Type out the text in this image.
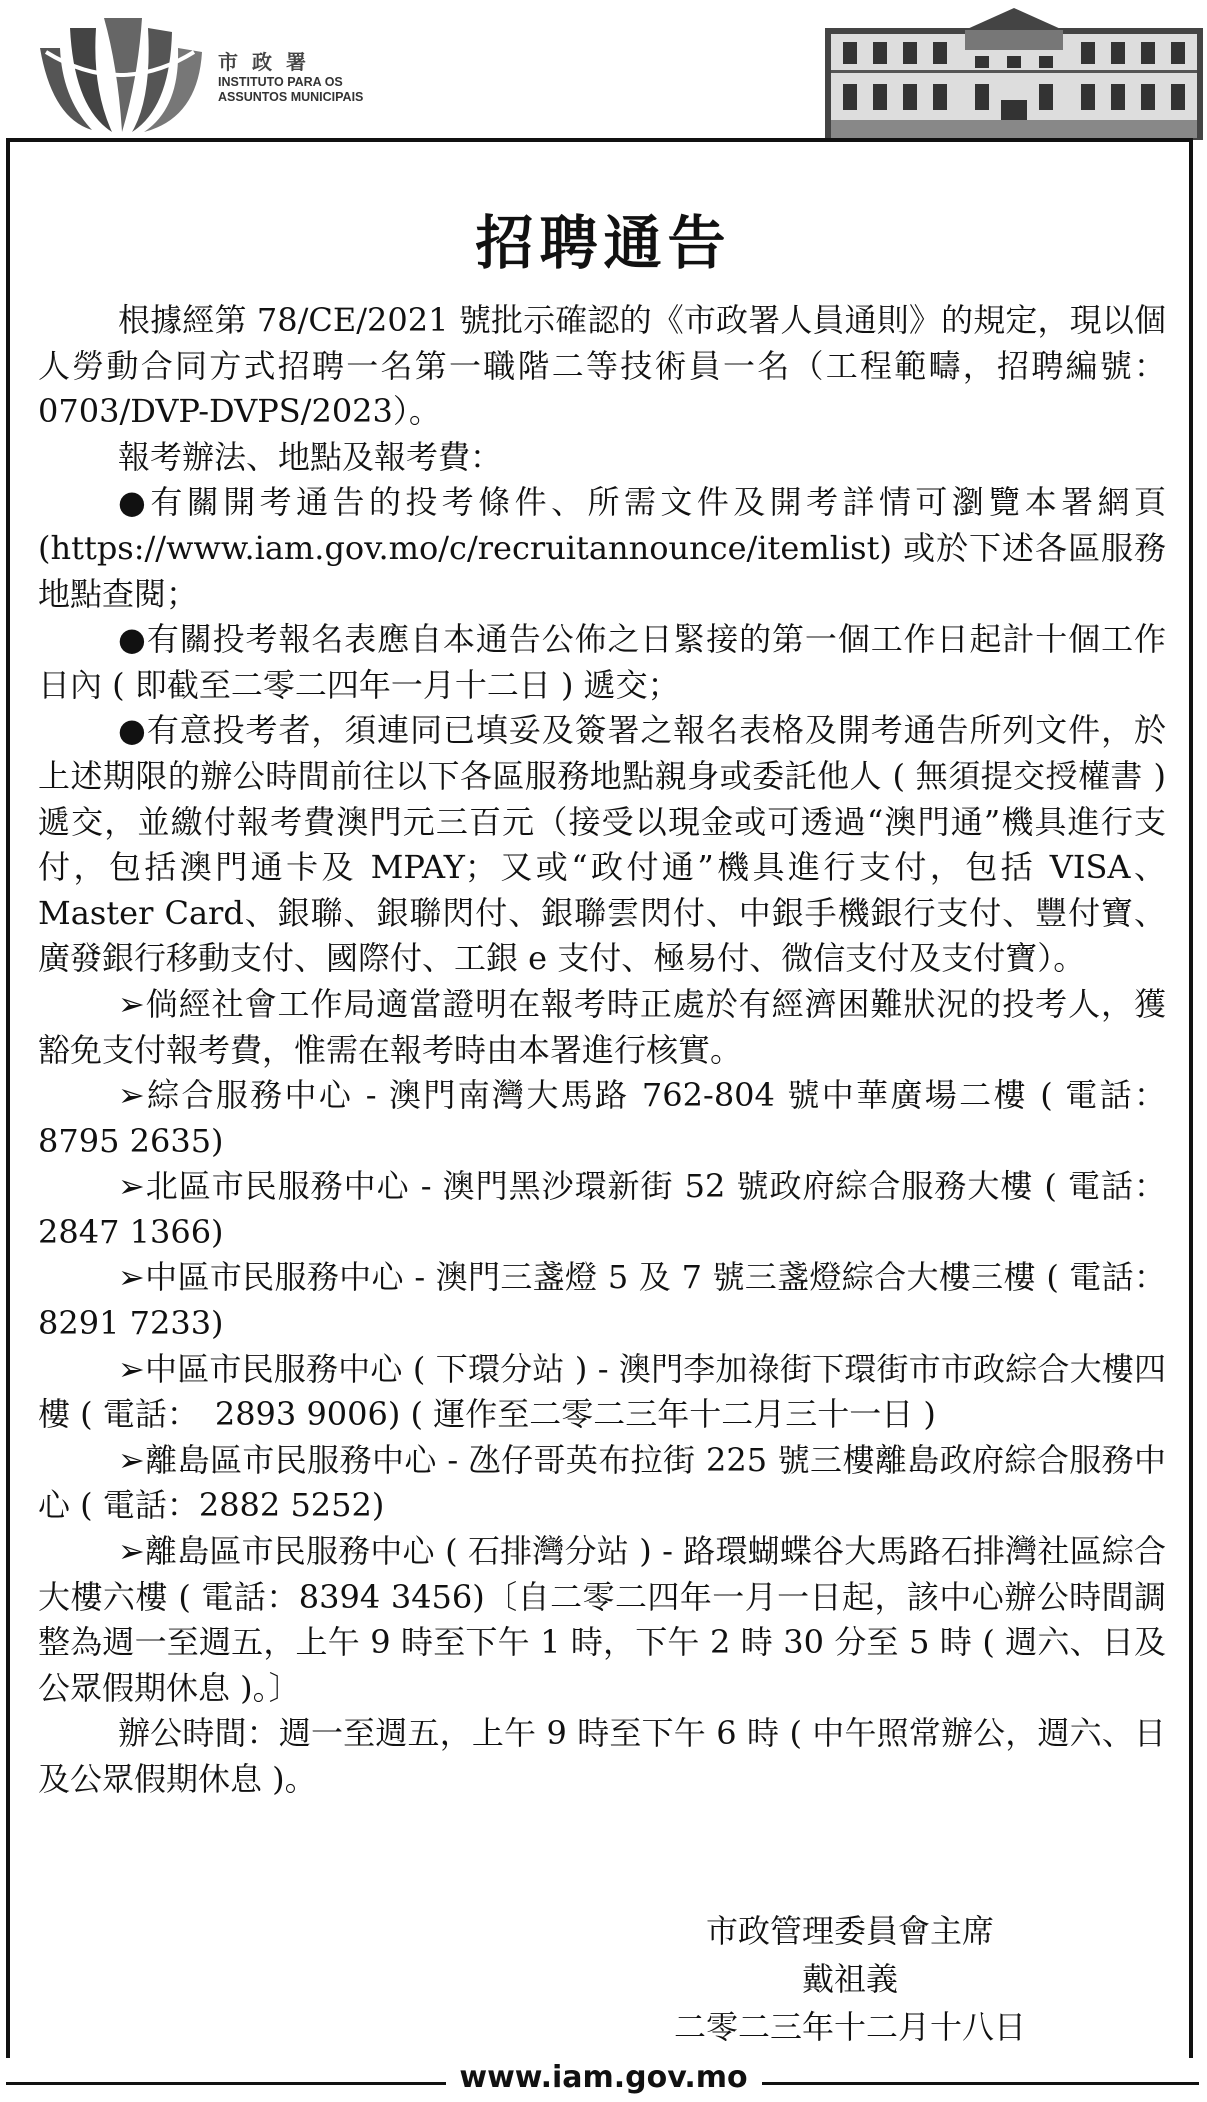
市政署
INSTITUTO PARA OS
ASSUNTOS MUNICIPAIS
招聘通告

根據經第 78/CE/2021 號批示確認的《市政署人員通則》的規定，現以個人勞動合同方式招聘一名第一職階二等技術員一名（工程範疇，招聘編號：0703/DVP-DVPS/2023）。

報考辦法、地點及報考費：

●有關開考通告的投考條件、所需文件及開考詳情可瀏覽本署網頁 (https://www.iam.gov.mo/c/recruitannounce/itemlist) 或於下述各區服務地點查閱；

●有關投考報名表應自本通告公佈之日緊接的第一個工作日起計十個工作日內 ( 即截至二零二四年一月十二日 ) 遞交；

●有意投考者，須連同已填妥及簽署之報名表格及開考通告所列文件，於上述期限的辦公時間前往以下各區服務地點親身或委託他人 ( 無須提交授權書 ) 遞交，並繳付報考費澳門元三百元（接受以現金或可透過“澳門通”機具進行支付，包括澳門通卡及 MPAY；又或“政付通”機具進行支付，包括 VISA、Master Card、銀聯、銀聯閃付、銀聯雲閃付、中銀手機銀行支付、豐付寶、廣發銀行移動支付、國際付、工銀 e 支付、極易付、微信支付及支付寶）。

➢倘經社會工作局適當證明在報考時正處於有經濟困難狀況的投考人，獲豁免支付報考費，惟需在報考時由本署進行核實。

➢綜合服務中心 - 澳門南灣大馬路 762-804 號中華廣場二樓 ( 電話：8795 2635)

➢北區市民服務中心 - 澳門黑沙環新街 52 號政府綜合服務大樓 ( 電話：2847 1366)

➢中區市民服務中心 - 澳門三盞燈 5 及 7 號三盞燈綜合大樓三樓 ( 電話：8291 7233)

➢中區市民服務中心 ( 下環分站 ) - 澳門李加祿街下環街市市政綜合大樓四樓 ( 電話：　2893 9006) ( 運作至二零二三年十二月三十一日 )

➢離島區市民服務中心 - 氹仔哥英布拉街 225 號三樓離島政府綜合服務中心 ( 電話：2882 5252)

➢離島區市民服務中心 ( 石排灣分站 ) - 路環蝴蝶谷大馬路石排灣社區綜合大樓六樓 ( 電話：8394 3456)〔自二零二四年一月一日起，該中心辦公時間調整為週一至週五，上午 9 時至下午 1 時，下午 2 時 30 分至 5 時 ( 週六、日及公眾假期休息 )。〕

辦公時間：週一至週五，上午 9 時至下午 6 時 ( 中午照常辦公，週六、日及公眾假期休息 )。

市政管理委員會主席
戴祖義
二零二三年十二月十八日
www.iam.gov.mo
